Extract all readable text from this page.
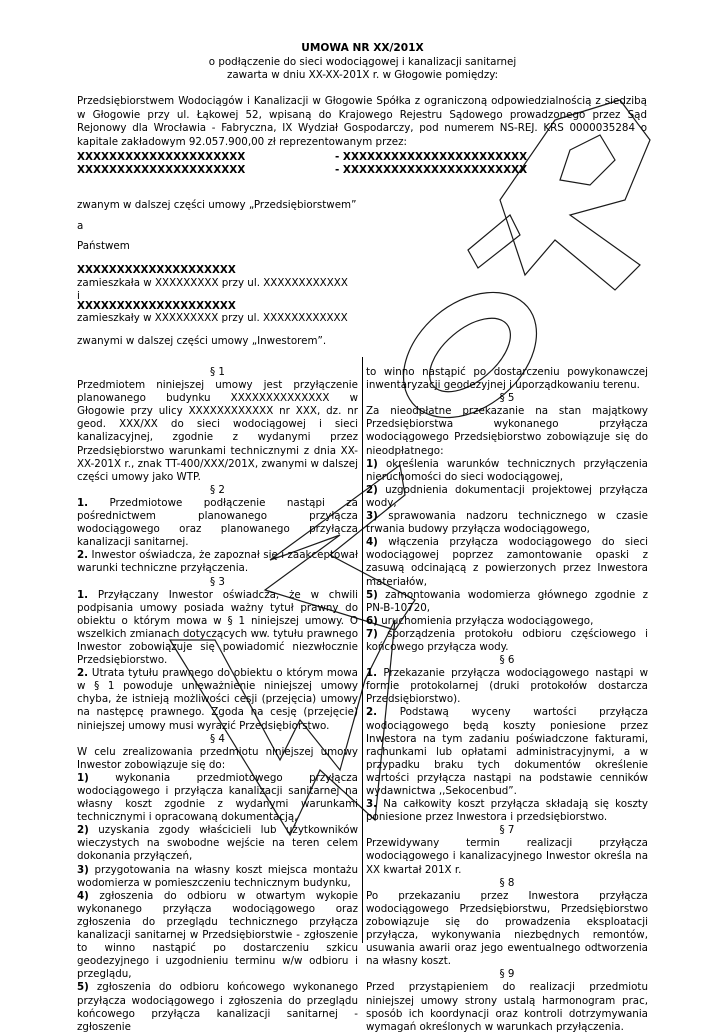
UMOWA NR XX/201X
o podłączenie do sieci wodociągowej i kanalizacji sanitarnej
zawarta w dniu XX-XX-201X r. w Głogowie pomiędzy:
Przedsiębiorstwem Wodociągów i Kanalizacji w Głogowie Spółka z ograniczoną odpowiedzialnością z siedzibą w Głogowie przy ul. Łąkowej 52, wpisaną do Krajowego Rejestru Sądowego prowadzonego przez Sąd Rejonowy dla Wrocławia - Fabryczna, IX Wydział Gospodarczy, pod numerem NS-REJ. KRS 0000035284 o kapitale zakładowym 92.057.900,00 zł reprezentowanym przez:
XXXXXXXXXXXXXXXXXXXXX	- XXXXXXXXXXXXXXXXXXXXXXX
XXXXXXXXXXXXXXXXXXXXX	- XXXXXXXXXXXXXXXXXXXXXXX
zwanym w dalszej części umowy „Przedsiębiorstwem”
a
Państwem
XXXXXXXXXXXXXXXXXXXX
zamieszkała w XXXXXXXXX przy ul. XXXXXXXXXXXX
i
XXXXXXXXXXXXXXXXXXXX
zamieszkały w XXXXXXXXX przy ul. XXXXXXXXXXXX
zwanymi w dalszej części umowy „Inwestorem”.

§ 1

Przedmiotem niniejszej umowy jest przyłączenie planowanego budynku XXXXXXXXXXXXXX w Głogowie przy ulicy XXXXXXXXXXXX nr XXX, dz. nr geod. XXX/XX do sieci wodociągowej i sieci kanalizacyjnej, zgodnie z wydanymi przez Przedsiębiorstwo warunkami technicznymi z dnia XX-XX-201X r., znak TT-400/XXX/201X, zwanymi w dalszej części umowy jako WTP.

§ 2

1. Przedmiotowe podłączenie nastąpi za pośrednictwem planowanego przyłącza wodociągowego oraz planowanego przyłącza kanalizacji sanitarnej.

2. Inwestor oświadcza, że zapoznał się i zaakceptował warunki techniczne przyłączenia.

§ 3

1. Przyłączany Inwestor oświadcza, że w chwili podpisania umowy posiada ważny tytuł prawny do obiektu o którym mowa w § 1 niniejszej umowy. O wszelkich zmianach dotyczących ww. tytułu prawnego Inwestor zobowiązuje się powiadomić niezwłocznie Przedsiębiorstwo.

2. Utrata tytułu prawnego do obiektu o którym mowa w § 1 powoduje unieważnienie niniejszej umowy chyba, że istnieją możliwości cesji (przejęcia) umowy na następcę prawnego. Zgoda na cesję (przejęcie) niniejszej umowy musi wyrazić Przedsiębiorstwo.

§ 4

W celu zrealizowania przedmiotu niniejszej umowy Inwestor zobowiązuje się do:

1)	wykonania przedmiotowego przyłącza wodociągowego i przyłącza kanalizacji sanitarnej na własny koszt zgodnie z wydanymi warunkami technicznymi i opracowaną dokumentacją,

2) uzyskania zgody właścicieli lub użytkowników wieczystych na swobodne wejście na teren celem dokonania przyłączeń,

3) przygotowania na własny koszt miejsca montażu wodomierza w pomieszczeniu technicznym budynku,

4) zgłoszenia do odbioru w otwartym wykopie wykonanego przyłącza wodociągowego oraz zgłoszenia do przeglądu technicznego przyłącza kanalizacji sanitarnej w Przedsiębiorstwie - zgłoszenie to winno nastąpić po dostarczeniu szkicu geodezyjnego i uzgodnieniu terminu w/w odbioru i przeglądu,

5) zgłoszenia do odbioru końcowego wykonanego przyłącza wodociągowego i zgłoszenia do przeglądu końcowego przyłącza kanalizacji sanitarnej - zgłoszenie

to winno nastąpić po dostarczeniu powykonawczej inwentaryzacji geodezyjnej i uporządkowaniu terenu.

§ 5

Za nieodpłatne przekazanie na stan majątkowy Przedsiębiorstwa wykonanego przyłącza wodociągowego Przedsiębiorstwo zobowiązuje się do nieodpłatnego:

1) określenia warunków technicznych przyłączenia nieruchomości do sieci wodociągowej,

2) uzgodnienia dokumentacji projektowej przyłącza wody,

3) sprawowania nadzoru technicznego w czasie trwania budowy przyłącza wodociągowego,

4) włączenia przyłącza wodociągowego do sieci wodociągowej poprzez zamontowanie opaski z zasuwą odcinającą z powierzonych przez Inwestora materiałów,

5) zamontowania wodomierza głównego zgodnie z PN-B-10720,

6) uruchomienia przyłącza wodociągowego,

7) sporządzenia protokołu odbioru częściowego i końcowego przyłącza wody.

§ 6

1. Przekazanie przyłącza wodociągowego nastąpi w formie protokolarnej (druki protokołów dostarcza Przedsiębiorstwo).

2. Podstawą wyceny wartości przyłącza wodociągowego będą koszty poniesione przez Inwestora na tym zadaniu poświadczone fakturami, rachunkami lub opłatami administracyjnymi, a w przypadku braku tych dokumentów określenie wartości przyłącza nastąpi na podstawie cenników wydawnictwa ,,Sekocenbud”.

3. Na całkowity koszt przyłącza składają się koszty poniesione przez Inwestora i przedsiębiorstwo.

§ 7

Przewidywany termin realizacji przyłącza wodociągowego i kanalizacyjnego Inwestor określa na XX kwartał 201X r.

§ 8

Po przekazaniu przez Inwestora przyłącza wodociągowego Przedsiębiorstwu, Przedsiębiorstwo zobowiązuje się do prowadzenia eksploatacji przyłącza, wykonywania niezbędnych remontów, usuwania awarii oraz jego ewentualnego odtworzenia na własny koszt.

§ 9

Przed przystąpieniem do realizacji przedmiotu niniejszej umowy strony ustalą harmonogram prac, sposób ich koordynacji oraz kontroli dotrzymywania wymagań określonych w warunkach przyłączenia.

WZÓR
